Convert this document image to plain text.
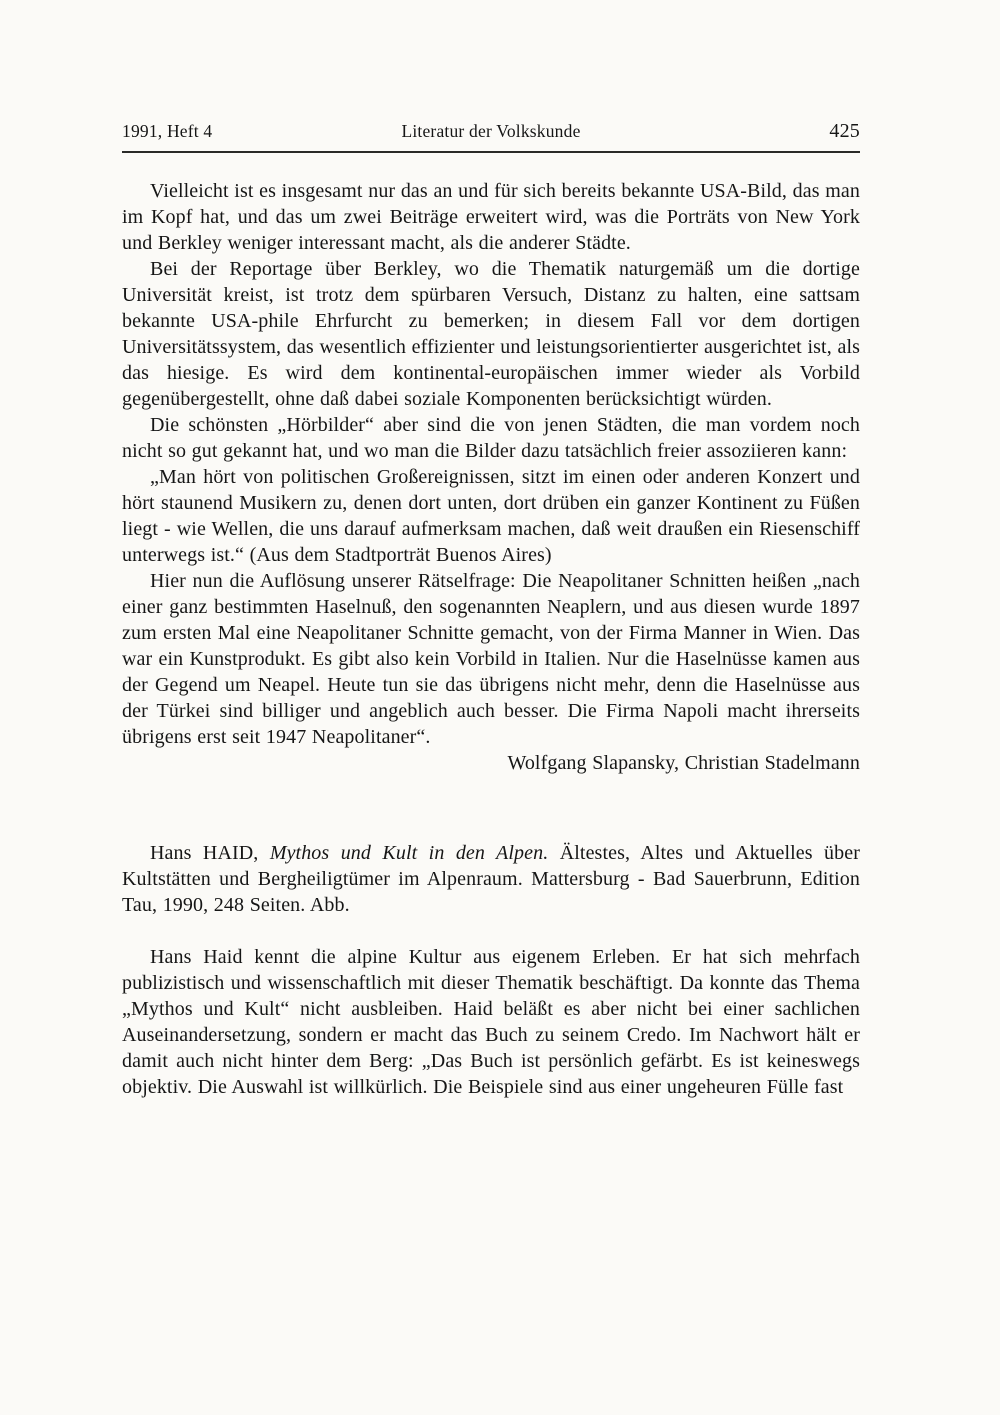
1991, Heft 4	Literatur der Volkskunde	425

Vielleicht ist es insgesamt nur das an und für sich bereits bekannte USA-Bild, das man im Kopf hat, und das um zwei Beiträge erweitert wird, was die Porträts von New York und Berkley weniger interessant macht, als die anderer Städte.

Bei der Reportage über Berkley, wo die Thematik naturgemäß um die dortige Universität kreist, ist trotz dem spürbaren Versuch, Distanz zu halten, eine sattsam bekannte USA-phile Ehrfurcht zu bemerken; in diesem Fall vor dem dortigen Universitätssystem, das wesentlich effizienter und leistungsorientierter ausgerichtet ist, als das hiesige. Es wird dem kontinental-europäischen immer wieder als Vorbild gegenübergestellt, ohne daß dabei soziale Komponenten berücksichtigt würden.

Die schönsten „Hörbilder“ aber sind die von jenen Städten, die man vordem noch nicht so gut gekannt hat, und wo man die Bilder dazu tatsächlich freier assoziieren kann:

„Man hört von politischen Großereignissen, sitzt im einen oder anderen Konzert und hört staunend Musikern zu, denen dort unten, dort drüben ein ganzer Kontinent zu Füßen liegt - wie Wellen, die uns darauf aufmerksam machen, daß weit draußen ein Riesenschiff unterwegs ist.“ (Aus dem Stadtporträt Buenos Aires)

Hier nun die Auflösung unserer Rätselfrage: Die Neapolitaner Schnitten heißen „nach einer ganz bestimmten Haselnuß, den sogenannten Neaplern, und aus diesen wurde 1897 zum ersten Mal eine Neapolitaner Schnitte gemacht, von der Firma Manner in Wien. Das war ein Kunstprodukt. Es gibt also kein Vorbild in Italien. Nur die Haselnüsse kamen aus der Gegend um Neapel. Heute tun sie das übrigens nicht mehr, denn die Haselnüsse aus der Türkei sind billiger und angeblich auch besser. Die Firma Napoli macht ihrerseits übrigens erst seit 1947 Neapolitaner“.

Wolfgang Slapansky, Christian Stadelmann

Hans HAID, Mythos und Kult in den Alpen. Ältestes, Altes und Aktuelles über Kultstätten und Bergheiligtümer im Alpenraum. Mattersburg - Bad Sauerbrunn, Edition Tau, 1990, 248 Seiten. Abb.

Hans Haid kennt die alpine Kultur aus eigenem Erleben. Er hat sich mehrfach publizistisch und wissenschaftlich mit dieser Thematik beschäftigt. Da konnte das Thema „Mythos und Kult“ nicht ausbleiben. Haid beläßt es aber nicht bei einer sachlichen Auseinandersetzung, sondern er macht das Buch zu seinem Credo. Im Nachwort hält er damit auch nicht hinter dem Berg: „Das Buch ist persönlich gefärbt. Es ist keineswegs objektiv. Die Auswahl ist willkürlich. Die Beispiele sind aus einer ungeheuren Fülle fast
